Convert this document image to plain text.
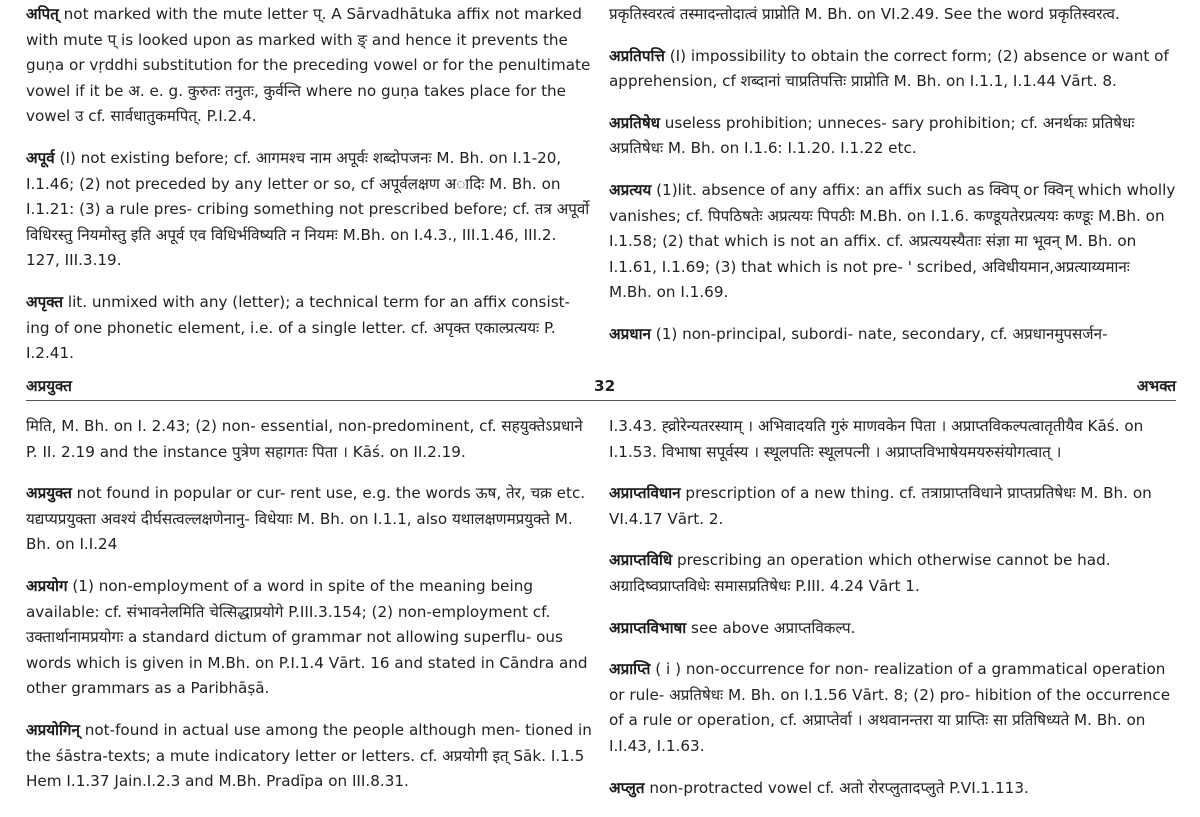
अपित् not marked with the mute letter प्. A Sārvadhātuka affix not marked with mute प् is looked upon as marked with ङ् and hence it prevents the guṇa or vṛddhi substitution for the preceding vowel or for the penultimate vowel if it be अ. e. g. कुरुतः तनुतः, कुर्वन्ति where no guṇa takes place for the vowel उ cf. सार्वधातुकमपित्. P.I.2.4.

अपूर्व (I) not existing before; cf. आगमश्च नाम अपूर्वः शब्दोपजनः M. Bh. on I.1-20, I.1.46; (2) not preceded by any letter or so, cf अपूर्वलक्षण अादिः M. Bh. on I.1.21: (3) a rule pres- cribing something not prescribed before; cf. तत्र अपूर्वो विधिरस्तु नियमोस्तु इति अपूर्व एव विधिर्भविष्यति न नियमः M.Bh. on I.4.3., III.1.46, III.2. 127, III.3.19.

अपृक्त lit. unmixed with any (letter); a technical term for an affix consist- ing of one phonetic element, i.e. of a single letter. cf. अपृक्त एकाल्प्रत्ययः P. I.2.41.

प्रकृतिस्वरत्वं तस्मादन्तोदात्वं प्राप्नोति M. Bh. on VI.2.49. See the word प्रकृतिस्वरत्व.

अप्रतिपत्ति (I) impossibility to obtain the correct form; (2) absence or want of apprehension, cf शब्दानां चाप्रतिपत्तिः प्राप्नोति M. Bh. on I.1.1, I.1.44 Vārt. 8.

अप्रतिषेध useless prohibition; unneces- sary prohibition; cf. अनर्थकः प्रतिषेधः अप्रतिषेधः M. Bh. on I.1.6: I.1.20. I.1.22 etc.

अप्रत्यय (1)lit. absence of any affix: an affix such as क्विप् or क्विन् which wholly vanishes; cf. पिपठिषतेः अप्रत्ययः पिपठीः M.Bh. on I.1.6. कण्डूयतेरप्रत्ययः कण्डूः M.Bh. on I.1.58; (2) that which is not an affix. cf. अप्रत्ययस्यैताः संज्ञा मा भूवन् M. Bh. on I.1.61, I.1.69; (3) that which is not pre- ' scribed, अविधीयमान,अप्रत्याय्यमानः M.Bh. on I.1.69.

अप्रधान (1) non-principal, subordi- nate, secondary, cf. अप्रधानमुपसर्जन-

अप्रयुक्त	32	अभक्त

मिति, M. Bh. on I. 2.43; (2) non- essential, non-predominent, cf. सहयुक्तेऽप्रधाने P. II. 2.19 and the instance पुत्रेण सहागतः पिता । Kāś. on II.2.19.

अप्रयुक्त not found in popular or cur- rent use, e.g. the words ऊष, तेर, चक्र etc. यद्यप्यप्रयुक्ता अवश्यं दीर्घसत्वल्लक्षणेनानु- विधेयाः M. Bh. on I.1.1, also यथालक्षणमप्रयुक्ते M. Bh. on I.I.24

अप्रयोग (1) non-employment of a word in spite of the meaning being available: cf. संभावनेलमिति चेत्सिद्धाप्रयोगे P.III.3.154; (2) non-employment cf. उक्तार्थानामप्रयोगः a standard dictum of grammar not allowing superflu- ous words which is given in M.Bh. on P.I.1.4 Vārt. 16 and stated in Cāndra and other grammars as a Paribhāṣā.

अप्रयोगिन् not-found in actual use among the people although men- tioned in the śāstra-texts; a mute indicatory letter or letters. cf. अप्रयोगी इत् Sāk. I.1.5 Hem I.1.37 Jain.I.2.3 and M.Bh. Pradīpa on III.8.31.

I.3.43. ह्व्रोरेन्यतरस्याम् । अभिवादयति गुरुं माणवकेन पिता । अप्राप्तविकल्पत्वातृतीयैव Kāś. on I.1.53. विभाषा सपूर्वस्य । स्थूलपतिः स्थूलपत्नी । अप्राप्तविभाषेयमयरुसंयोगत्वात् ।

अप्राप्तविधान prescription of a new thing. cf. तत्राप्राप्तविधाने प्राप्तप्रतिषेधः M. Bh. on VI.4.17 Vārt. 2.

अप्राप्तविधि prescribing an operation which otherwise cannot be had. अग्रादिष्वप्राप्तविधेः समासप्रतिषेधः P.III. 4.24 Vārt 1.

अप्राप्तविभाषा see above अप्राप्तविकल्प.

अप्राप्ति ( i ) non-occurrence for non- realization of a grammatical operation or rule- अप्रतिषेधः M. Bh. on I.1.56 Vārt. 8; (2) pro- hibition of the occurrence of a rule or operation, cf. अप्राप्तेर्वा । अथवानन्तरा या प्राप्तिः सा प्रतिषिध्यते M. Bh. on I.I.43, I.1.63.

अप्लुत non-protracted vowel cf. अतो रोरप्लुतादप्लुते P.VI.1.113.
